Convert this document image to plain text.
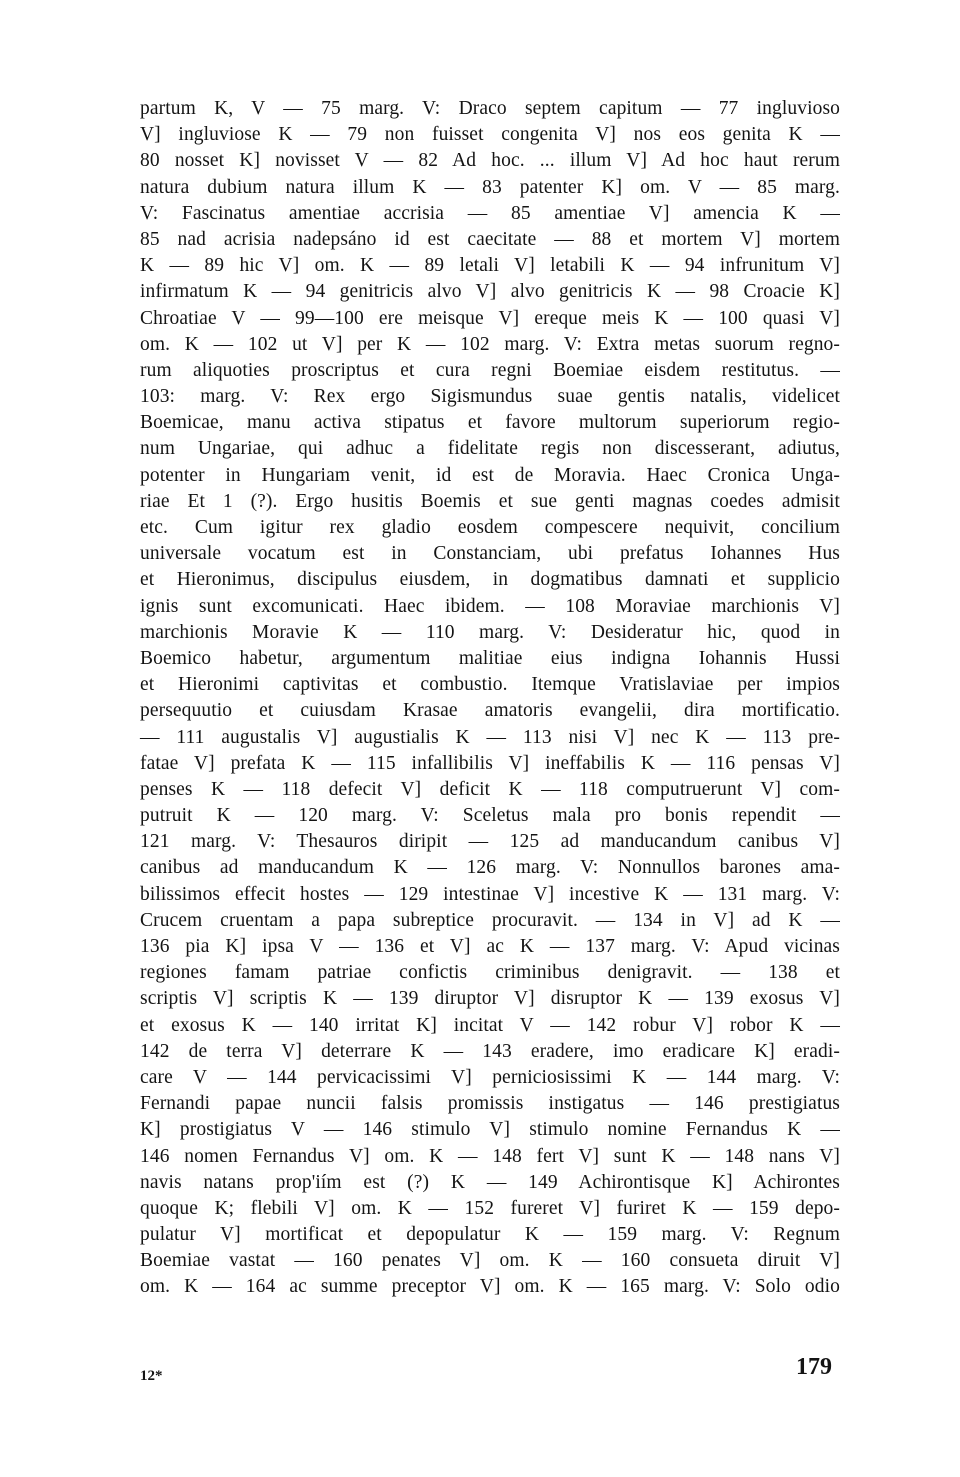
partum K, V — 75 marg. V: Draco septem capitum — 77 ingluvioso
V] ingluviose K — 79 non fuisset congenita V] nos eos genita K —
80 nosset K] novisset V — 82 Ad hoc. ... illum V] Ad hoc haut rerum
natura dubium natura illum K — 83 patenter K] om. V — 85 marg.
V: Fascinatus amentiae accrisia — 85 amentiae V] amencia K —
85 nad acrisia nadepsáno id est caecitate — 88 et mortem V] mortem
K — 89 hic V] om. K — 89 letali V] letabili K — 94 infrunitum V]
infirmatum K — 94 genitricis alvo V] alvo genitricis K — 98 Croacie K]
Chroatiae V — 99—100 ere meisque V] ereque meis K — 100 quasi V]
om. K — 102 ut V] per K — 102 marg. V: Extra metas suorum regno-
rum aliquoties proscriptus et cura regni Boemiae eisdem restitutus. —
103: marg. V: Rex ergo Sigismundus suae gentis natalis, videlicet
Boemicae, manu activa stipatus et favore multorum superiorum regio-
num Ungariae, qui adhuc a fidelitate regis non discesserant, adiutus,
potenter in Hungariam venit, id est de Moravia. Haec Cronica Unga-
riae Et 1 (?). Ergo husitis Boemis et sue genti magnas coedes admisit
etc. Cum igitur rex gladio eosdem compescere nequivit, concilium
universale vocatum est in Constanciam, ubi prefatus Iohannes Hus
et Hieronimus, discipulus eiusdem, in dogmatibus damnati et supplicio
ignis sunt excomunicati. Haec ibidem. — 108 Moraviae marchionis V]
marchionis Moravie K — 110 marg. V: Desideratur hic, quod in
Boemico habetur, argumentum malitiae eius indigna Iohannis Hussi
et Hieronimi captivitas et combustio. Itemque Vratislaviae per impios
persequutio et cuiusdam Krasae amatoris evangelii, dira mortificatio.
— 111 augustalis V] augustialis K — 113 nisi V] nec K — 113 pre-
fatae V] prefata K — 115 infallibilis V] ineffabilis K — 116 pensas V]
penses K — 118 defecit V] deficit K — 118 computruerunt V] com-
putruit K — 120 marg. V: Sceletus mala pro bonis rependit —
121 marg. V: Thesauros diripit — 125 ad manducandum canibus V]
canibus ad manducandum K — 126 marg. V: Nonnullos barones ama-
bilissimos effecit hostes — 129 intestinae V] incestive K — 131 marg. V:
Crucem cruentam a papa subreptice procuravit. — 134 in V] ad K —
136 pia K] ipsa V — 136 et V] ac K — 137 marg. V: Apud vicinas
regiones famam patriae confictis criminibus denigravit. — 138 et
scriptis V] scriptis K — 139 diruptor V] disruptor K — 139 exosus V]
et exosus K — 140 irritat K] incitat V — 142 robur V] robor K —
142 de terra V] deterrare K — 143 eradere, imo eradicare K] eradi-
care V — 144 pervicacissimi V] perniciosissimi K — 144 marg. V:
Fernandi papae nuncii falsis promissis instigatus — 146 prestigiatus
K] prostigiatus V — 146 stimulo V] stimulo nomine Fernandus K —
146 nomen Fernandus V] om. K — 148 fert V] sunt K — 148 nans V]
navis natans prop'iím est (?) K — 149 Achirontisque K] Achirontes
quoque K; flebili V] om. K — 152 fureret V] furiret K — 159 depo-
pulatur V] mortificat et depopulatur K — 159 marg. V: Regnum
Boemiae vastat — 160 penates V] om. K — 160 consueta diruit V]
om. K — 164 ac summe preceptor V] om. K — 165 marg. V: Solo odio
12*	179
